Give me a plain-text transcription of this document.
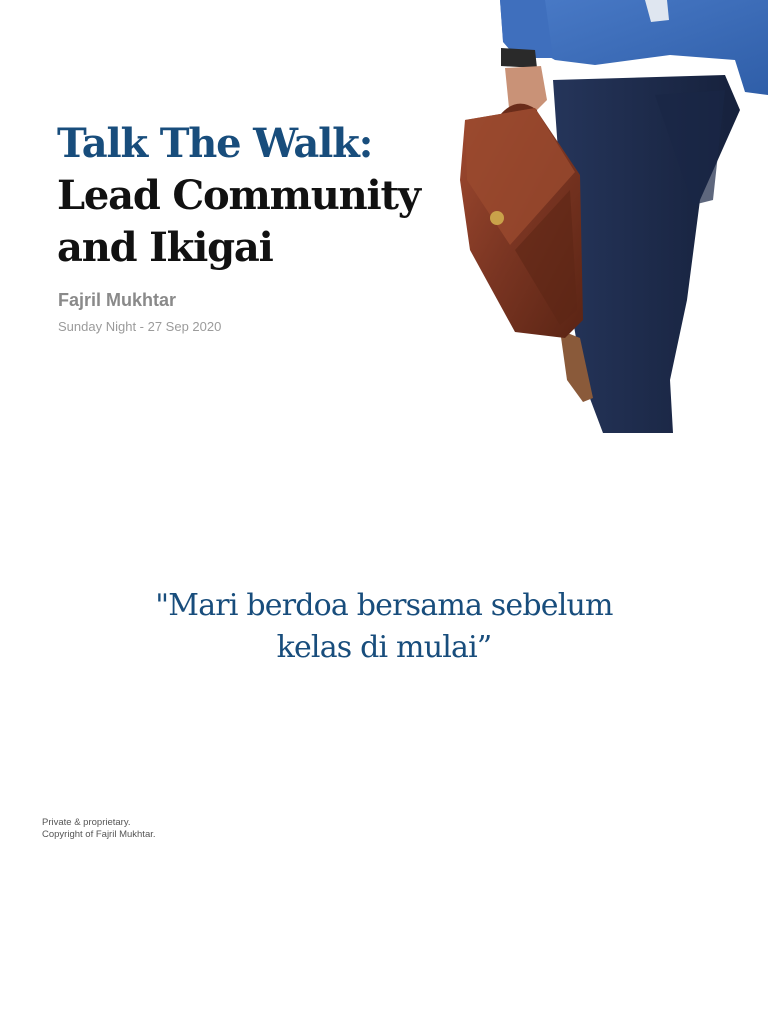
Talk The Walk:

Lead Community

and Ikigai

Fajril Mukhtar
Sunday Night - 27 Sep 2020
"Mari berdoa bersama sebelum
kelas di mulai”
Private & proprietary.
Copyright of Fajril Mukhtar.
